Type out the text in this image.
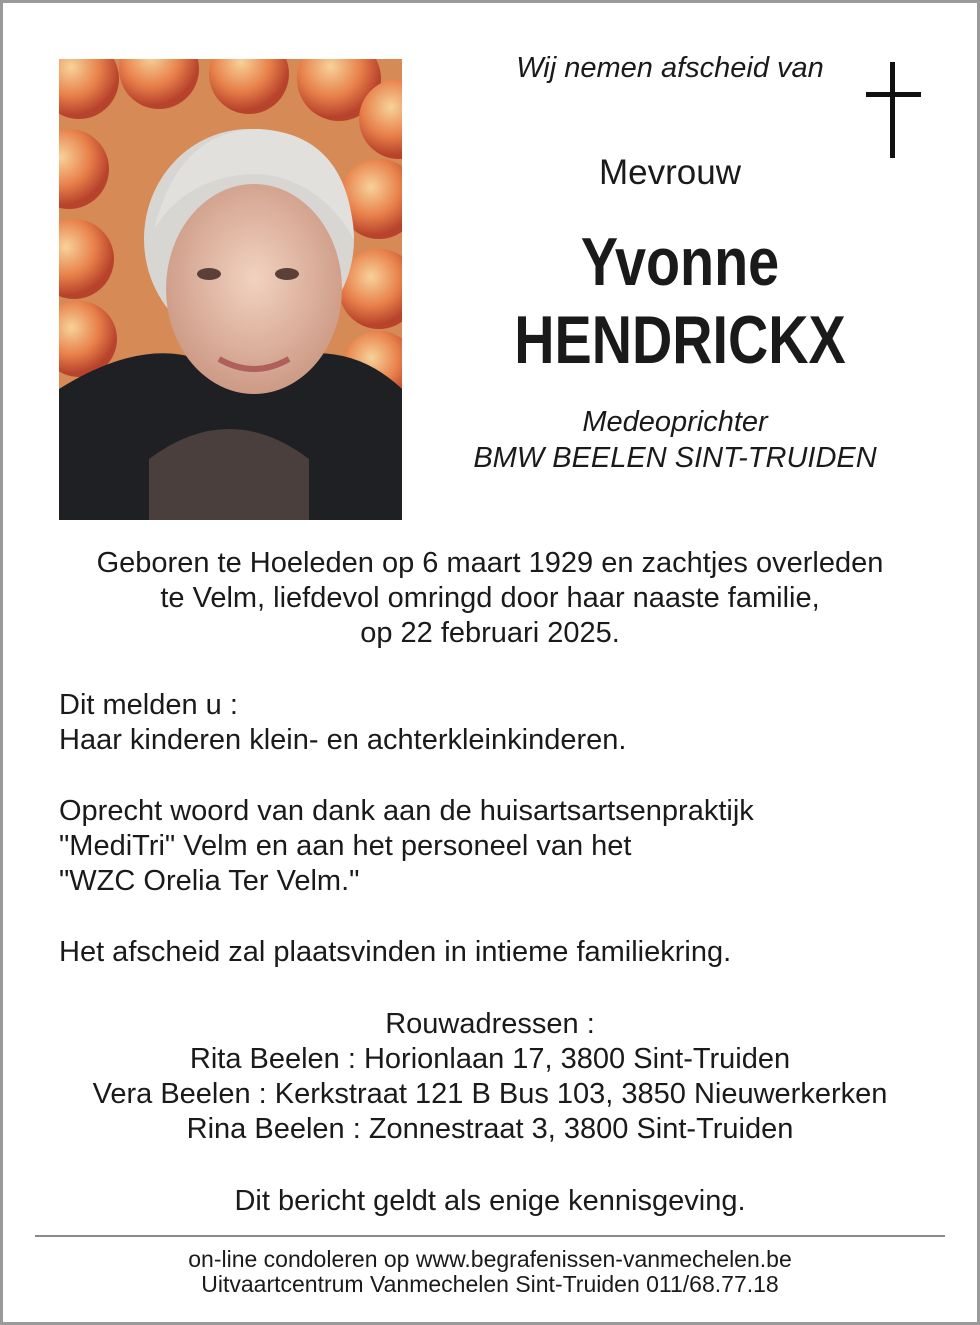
Wij nemen afscheid van
Mevrouw
Yvonne
HENDRICKX
Medeoprichter
BMW BEELEN SINT-TRUIDEN
Geboren te Hoeleden op 6 maart 1929 en zachtjes overleden
te Velm, liefdevol omringd door haar naaste familie,
op 22 februari 2025.
Dit melden u :
Haar kinderen klein- en achterkleinkinderen.
Oprecht woord van dank aan de huisartsartsenpraktijk
"MediTri" Velm en aan het personeel van het
"WZC Orelia Ter Velm."
Het afscheid zal plaatsvinden in intieme familiekring.
Rouwadressen :
Rita Beelen : Horionlaan 17, 3800 Sint-Truiden
Vera Beelen : Kerkstraat 121 B Bus 103, 3850 Nieuwerkerken
Rina Beelen : Zonnestraat 3, 3800 Sint-Truiden
Dit bericht geldt als enige kennisgeving.
on-line condoleren op www.begrafenissen-vanmechelen.be
Uitvaartcentrum Vanmechelen Sint-Truiden 011/68.77.18
